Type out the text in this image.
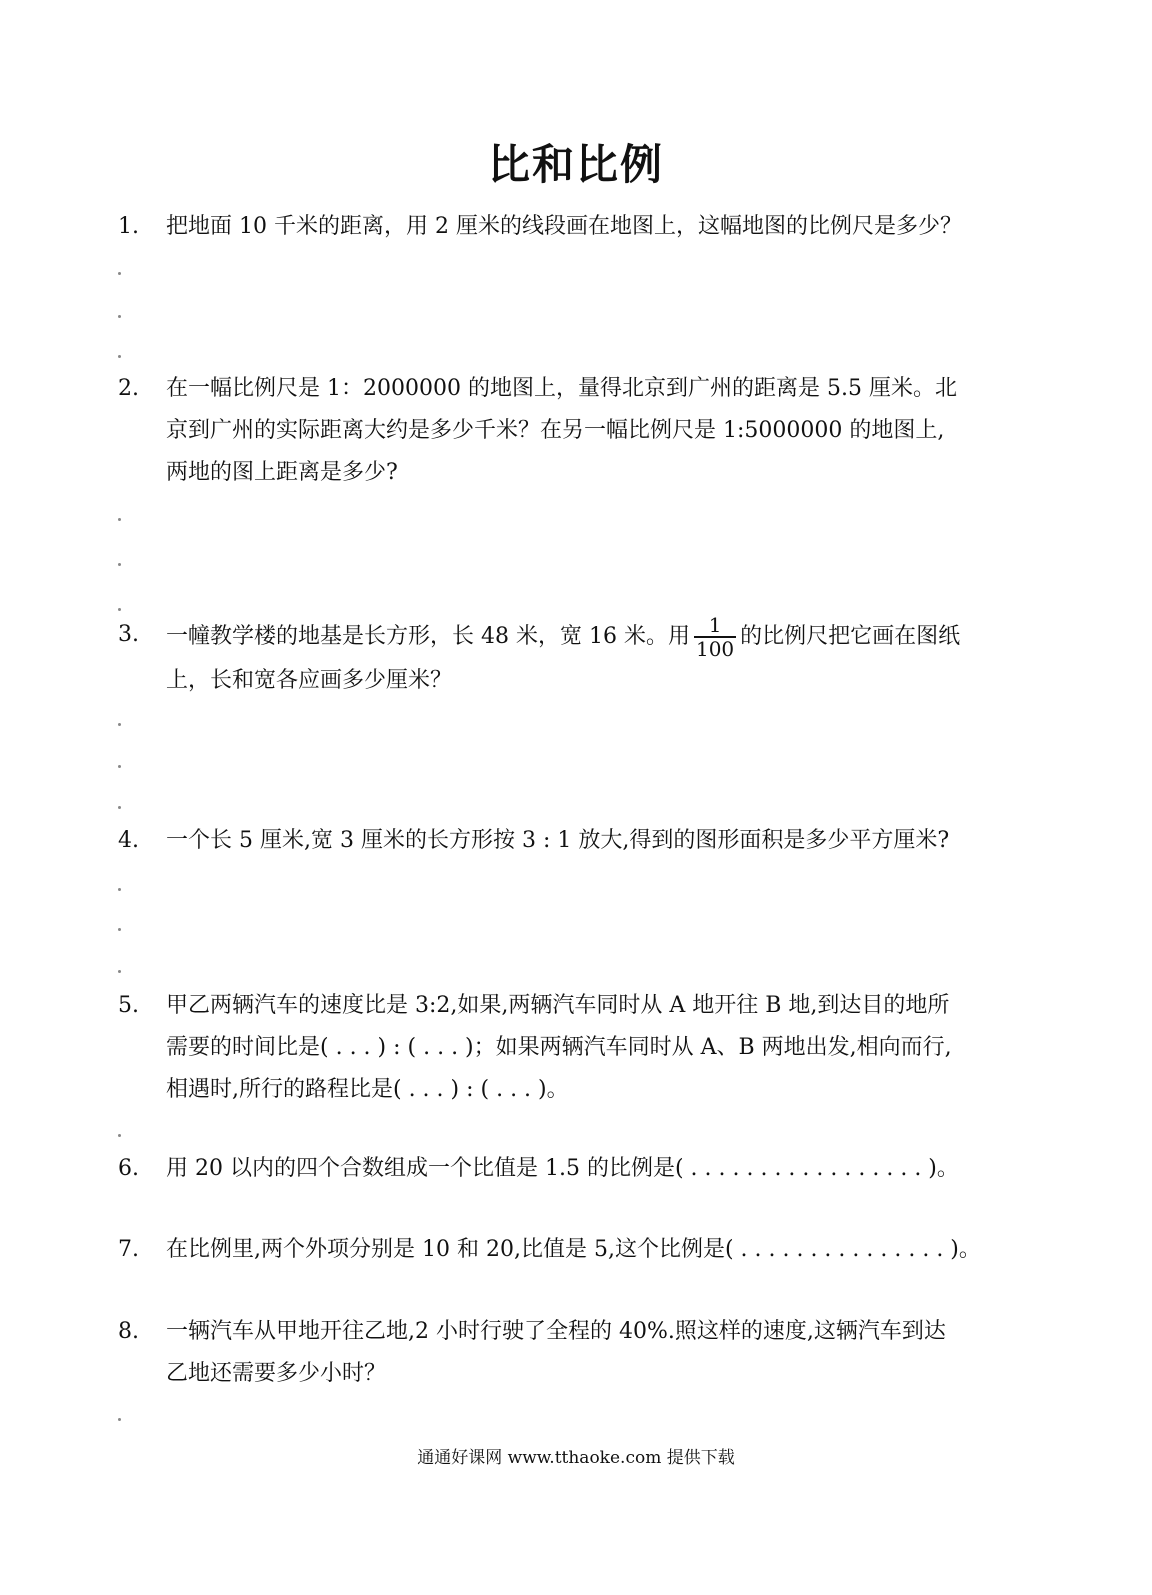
比和比例
1.	把地面 10 千米的距离，用 2 厘米的线段画在地图上，这幅地图的比例尺是多少？
2.	在一幅比例尺是 1：2000000 的地图上，量得北京到广州的距离是 5.5 厘米。北
京到广州的实际距离大约是多少千米？在另一幅比例尺是 1:5000000 的地图上,
两地的图上距离是多少?
3.	一幢教学楼的地基是长方形，长 48 米，宽 16 米。用 $\frac{1}{100}$ 的比例尺把它画在图纸
上，长和宽各应画多少厘米？
4.	一个长 5 厘米,宽 3 厘米的长方形按 3 : 1 放大,得到的图形面积是多少平方厘米?
5.	甲乙两辆汽车的速度比是 3:2,如果,两辆汽车同时从 A 地开往 B 地,到达目的地所
需要的时间比是( . . . ) : ( . . . )；如果两辆汽车同时从 A、B 两地出发,相向而行,
相遇时,所行的路程比是( . . . ) : ( . . . )。
6.	用 20 以内的四个合数组成一个比值是 1.5 的比例是( . . . . . . . . . . . . . . . . . )。
7.	在比例里,两个外项分别是 10 和 20,比值是 5,这个比例是( . . . . . . . . . . . . . . . )。
8.	一辆汽车从甲地开往乙地,2 小时行驶了全程的 40%.照这样的速度,这辆汽车到达
乙地还需要多少小时？
通通好课网 www.tthaoke.com 提供下载
